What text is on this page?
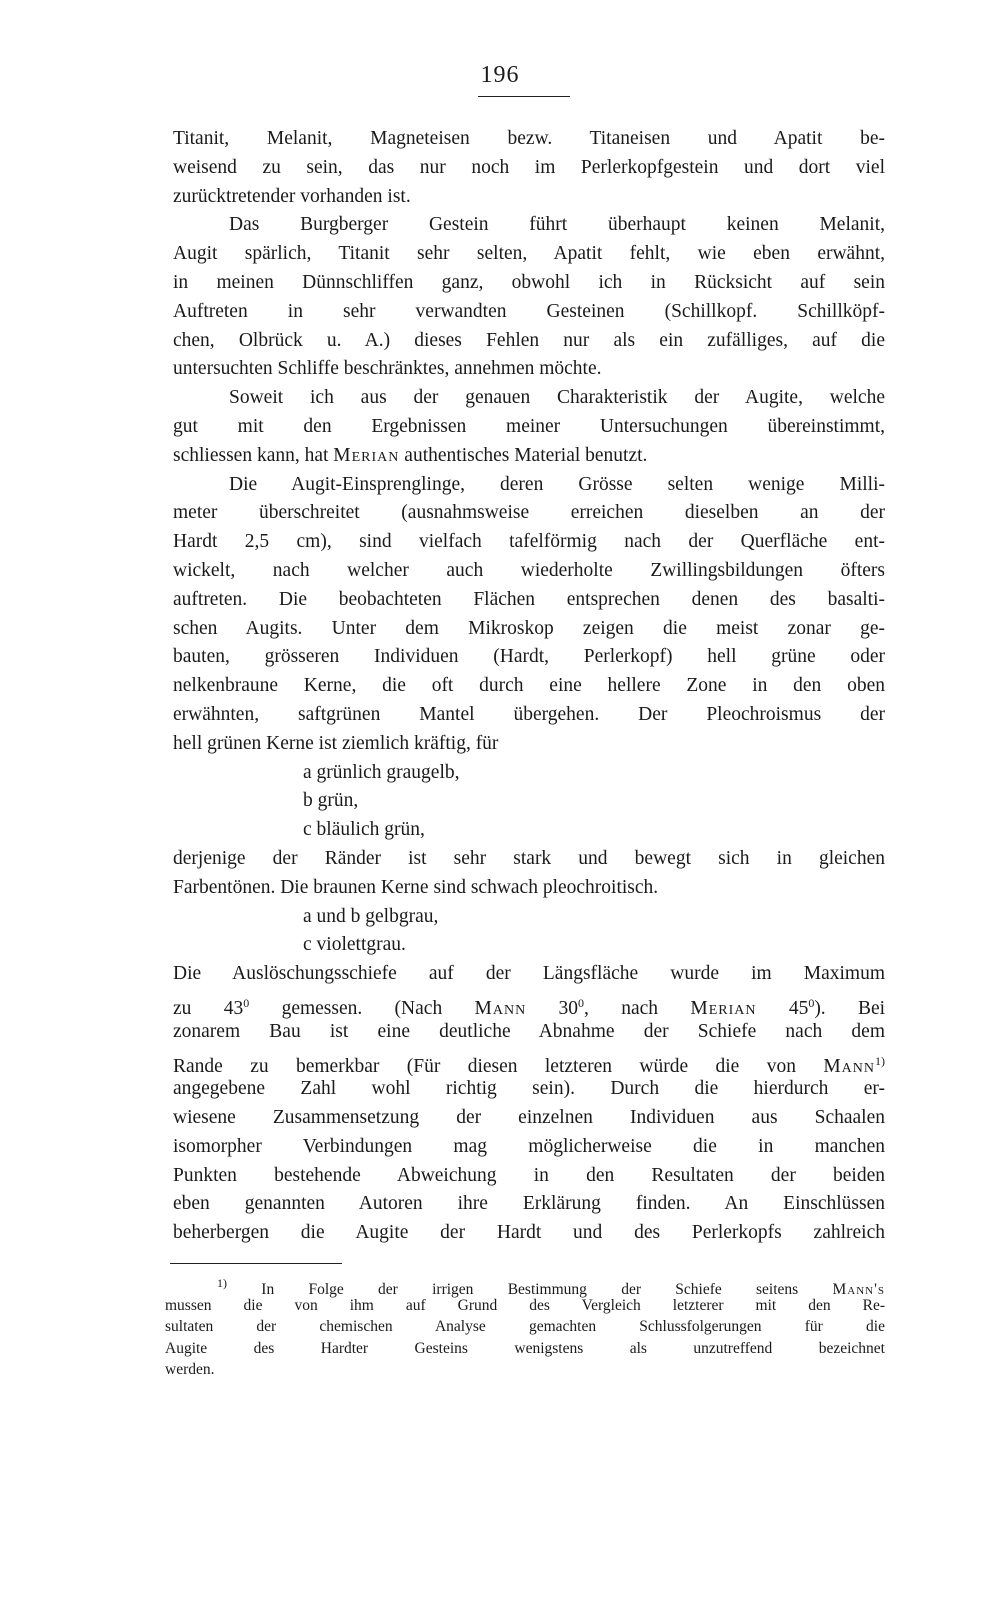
196
Titanit, Melanit, Magneteisen bezw. Titaneisen und Apatit be-
weisend zu sein, das nur noch im Perlerkopfgestein und dort viel
zurücktretender vorhanden ist.
Das Burgberger Gestein führt überhaupt keinen Melanit,
Augit spärlich, Titanit sehr selten, Apatit fehlt, wie eben erwähnt,
in meinen Dünnschliffen ganz, obwohl ich in Rücksicht auf sein
Auftreten in sehr verwandten Gesteinen (Schillkopf. Schillköpf-
chen, Olbrück u. A.) dieses Fehlen nur als ein zufälliges, auf die
untersuchten Schliffe beschränktes, annehmen möchte.
Soweit ich aus der genauen Charakteristik der Augite, welche
gut mit den Ergebnissen meiner Untersuchungen übereinstimmt,
schliessen kann, hat Merian authentisches Material benutzt.
Die Augit-Einsprenglinge, deren Grösse selten wenige Milli-
meter überschreitet (ausnahmsweise erreichen dieselben an der
Hardt 2,5 cm), sind vielfach tafelförmig nach der Querfläche ent-
wickelt, nach welcher auch wiederholte Zwillingsbildungen öfters
auftreten. Die beobachteten Flächen entsprechen denen des basalti-
schen Augits. Unter dem Mikroskop zeigen die meist zonar ge-
bauten, grösseren Individuen (Hardt, Perlerkopf) hell grüne oder
nelkenbraune Kerne, die oft durch eine hellere Zone in den oben
erwähnten, saftgrünen Mantel übergehen. Der Pleochroismus der
hell grünen Kerne ist ziemlich kräftig, für
a grünlich graugelb,
b grün,
c bläulich grün,
derjenige der Ränder ist sehr stark und bewegt sich in gleichen
Farbentönen. Die braunen Kerne sind schwach pleochroitisch.
a und b gelbgrau,
c violettgrau.
Die Auslöschungsschiefe auf der Längsfläche wurde im Maximum
zu $43^0$ gemessen. (Nach Mann $30^0$, nach Merian $45^0$). Bei
zonarem Bau ist eine deutliche Abnahme der Schiefe nach dem
Rande zu bemerkbar (Für diesen letzteren würde die von Mann$^{1)}$
angegebene Zahl wohl richtig sein). Durch die hierdurch er-
wiesene Zusammensetzung der einzelnen Individuen aus Schaalen
isomorpher Verbindungen mag möglicherweise die in manchen
Punkten bestehende Abweichung in den Resultaten der beiden
eben genannten Autoren ihre Erklärung finden. An Einschlüssen
beherbergen die Augite der Hardt und des Perlerkopfs zahlreich
$^{1)}$ In Folge der irrigen Bestimmung der Schiefe seitens Mann's
mussen die von ihm auf Grund des Vergleich letzterer mit den Re-
sultaten der chemischen Analyse gemachten Schlussfolgerungen für die
Augite des Hardter Gesteins wenigstens als unzutreffend bezeichnet
werden.
